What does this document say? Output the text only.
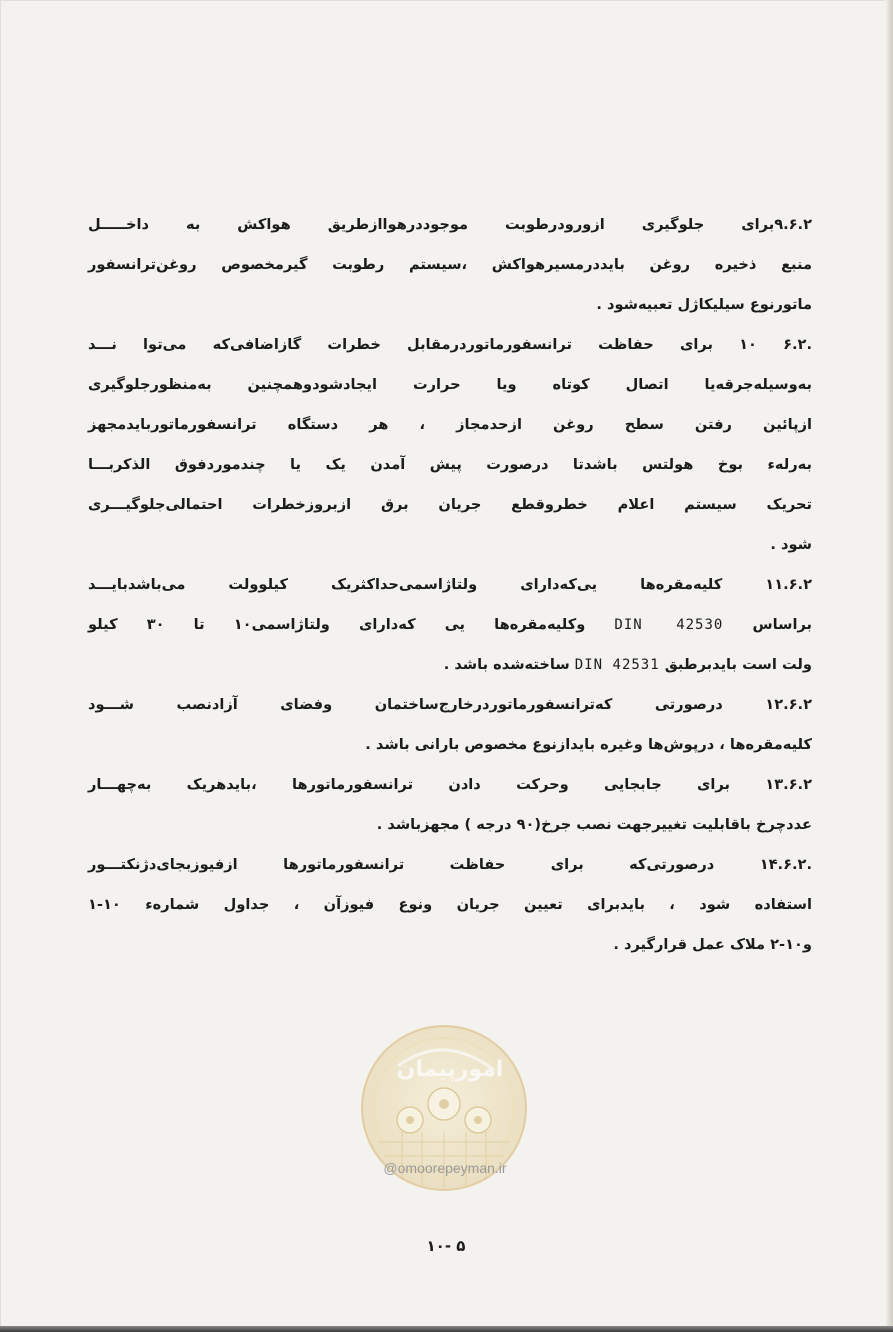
۹.۶.۲برای جلوگیری ازورودرطوبت موجوددرهواازطریق هواکش به داخـــــل
منبع ذخیره روغن بایددرمسیرهواکش ،سیستم رطوبت گیرمخصوص روغن‌ترانسفور
ماتورنوع سیلیکاژل تعبیه‌شود .
.۶.۲ ۱۰ برای حفاظت ترانسفورماتوردرمقابل خطرات گازاضافی‌که می‌توا نـــد
به‌وسیله‌جرقه‌یا اتصال کوتاه ویا حرارت ایجادشودوهمچنین به‌منظورجلوگیری
ازپائین رفتن سطح روغن ازحدمجاز ، هر دستگاه ترانسفورماتوربایدمجهز
به‌رله‌ء بوخ هولتس باشدتا درصورت پیش آمدن یک یا چندموردفوق الذکربـــا
تحریک سیستم اعلام خطروقطع جریان برق ازبروزخطرات احتمالی‌جلوگیـــری
شود .
۱۱.۶.۲ کلیه‌مقره‌ها یی‌که‌دارای ولتاژاسمی‌حداکثریک کیلوولت می‌باشدبایـــد
براساس DIN 42530 وکلیه‌مقره‌ها یی که‌دارای ولتاژاسمی۱۰ تا ۳۰ کیلو
ولت است بایدبرطبق DIN 42531 ساخته‌شده باشد .
۱۲.۶.۲ درصورتی که‌ترانسفورماتوردرخارج‌ساختمان وفضای آزادنصب شـــود
کلیه‌مقره‌ها ، درپوش‌ها وغیره بایدازنوع مخصوص بارانی باشد .
۱۳.۶.۲ برای جابجایی وحرکت دادن ترانسفورماتورها ،بایدهریک به‌چهـــار
عددچرخ باقابلیت تغییرجهت نصب جرخ(۹۰ درجه ) مجهزباشد .
.۱۴.۶.۲ درصورتی‌که برای حفاظت ترانسفورماتورها ازفیوزبجای‌دژنکتـــور
استفاده شود ، بایدبرای تعیین جریان ونوع فیوزآن ، جداول شماره‌ء ۱۰-۱
و۱۰-۲ ملاک عمل قرارگیرد .
امورپیمان
@omoorepeyman.ir
۵ -۱۰
